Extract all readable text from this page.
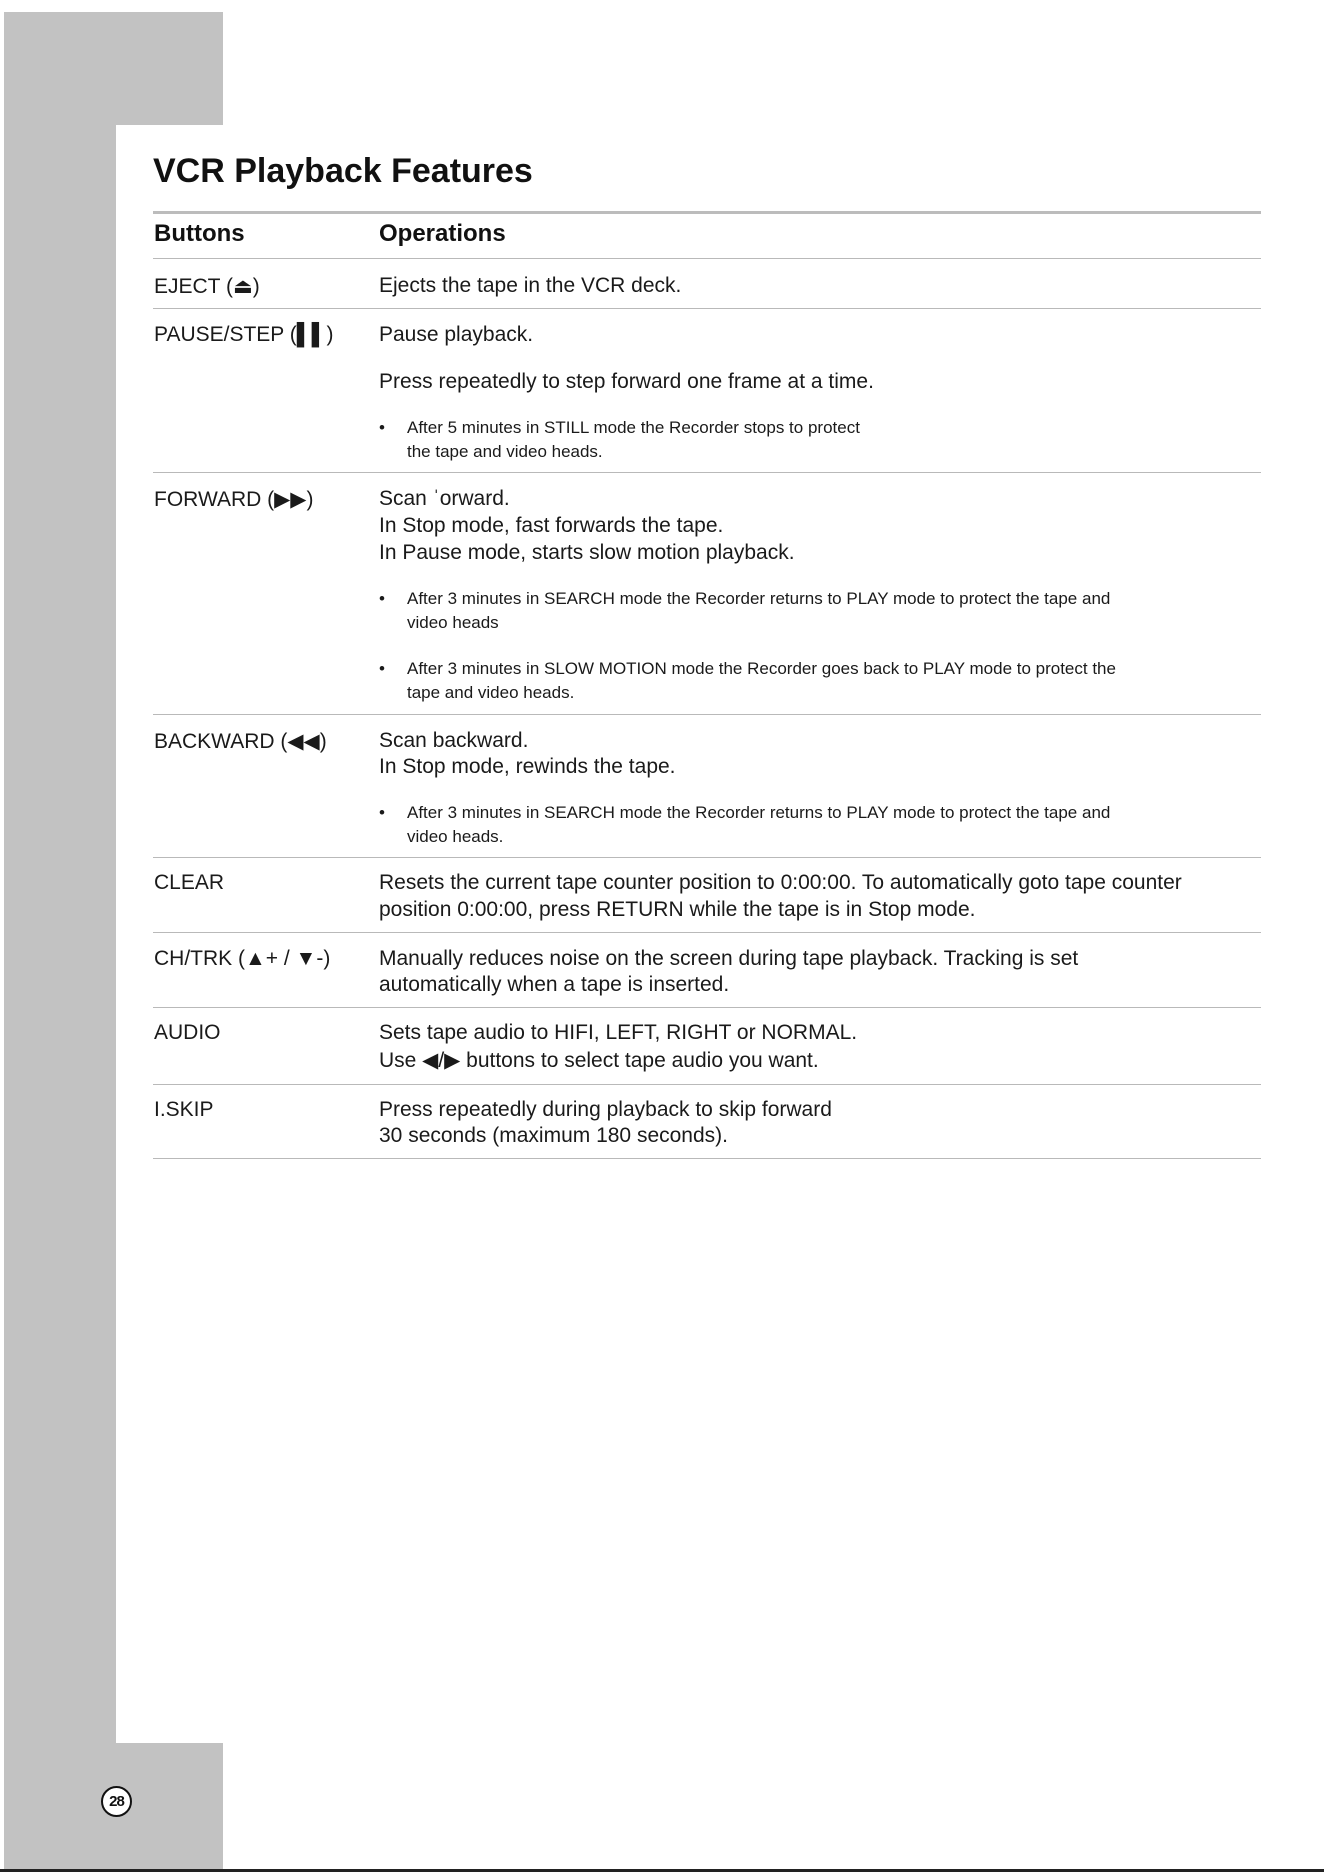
28
VCR Playback Features
Buttons	Operations
EJECT (⏏)	Ejects the tape in the VCR deck.
PAUSE/STEP (▌▌) Pause playback.
Press repeatedly to step forward one frame at a time.
• After 5 minutes in STILL mode the Recorder stops to protect
the tape and video heads.
FORWARD (▶▶)	Scan ˈorward.
In Stop mode, fast forwards the tape.
In Pause mode, starts slow motion playback.
• After 3 minutes in SEARCH mode the Recorder returns to PLAY mode to protect the tape and
video heads
• After 3 minutes in SLOW MOTION mode the Recorder goes back to PLAY mode to protect the
tape and video heads.
BACKWARD (◀◀) Scan backward.
In Stop mode, rewinds the tape.
• After 3 minutes in SEARCH mode the Recorder returns to PLAY mode to protect the tape and
video heads.
CLEAR	Resets the current tape counter position to 0:00:00. To automatically goto tape counter
position 0:00:00, press RETURN while the tape is in Stop mode.
CH/TRK (▲+ / ▼-) Manually reduces noise on the screen during tape playback. Tracking is set
automatically when a tape is inserted.
AUDIO	Sets tape audio to HIFI, LEFT, RIGHT or NORMAL.
Use ◀/▶ buttons to select tape audio you want.
I.SKIP	Press repeatedly during playback to skip forward
30 seconds (maximum 180 seconds).
